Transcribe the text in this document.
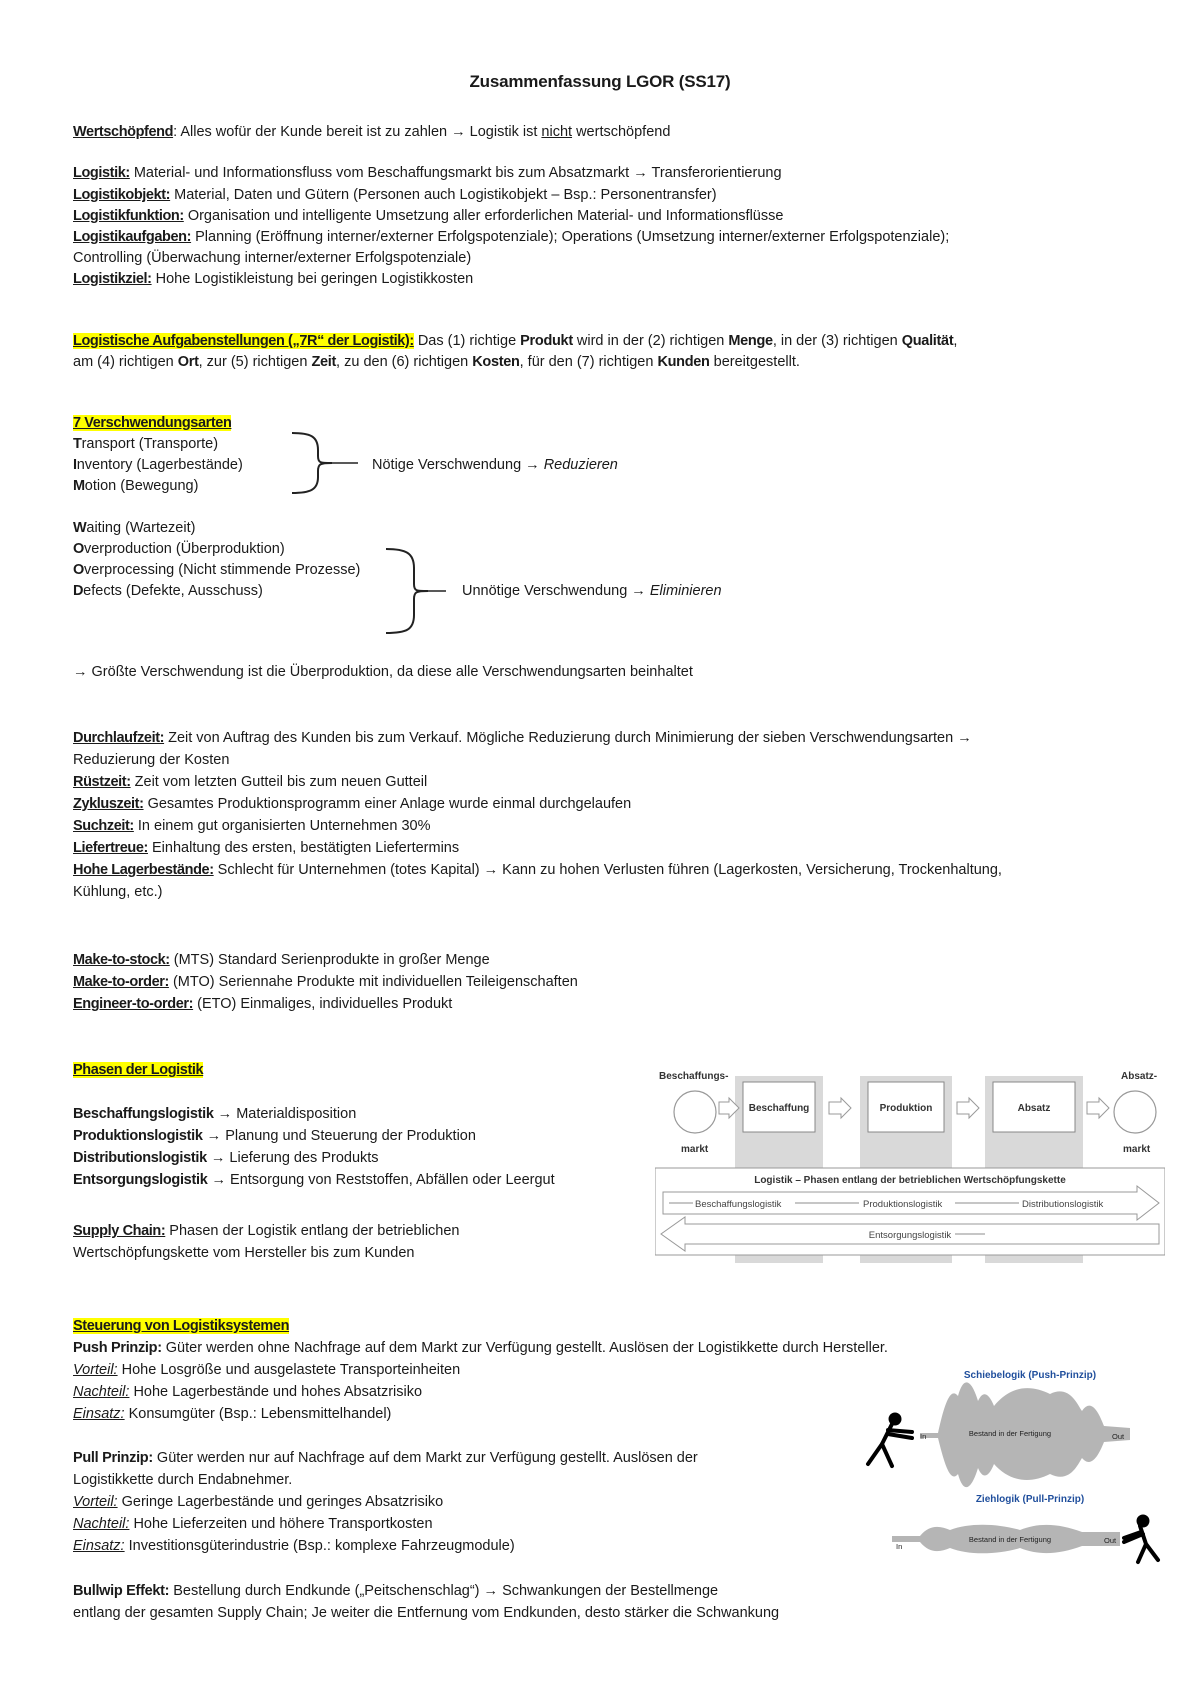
Zusammenfassung LGOR (SS17)
Wertschöpfend: Alles wofür der Kunde bereit ist zu zahlen → Logistik ist nicht wertschöpfend
Logistik: Material- und Informationsfluss vom Beschaffungsmarkt bis zum Absatzmarkt → Transferorientierung
Logistikobjekt: Material, Daten und Gütern (Personen auch Logistikobjekt – Bsp.: Personentransfer)
Logistikfunktion: Organisation und intelligente Umsetzung aller erforderlichen Material- und Informationsflüsse
Logistikaufgaben: Planning (Eröffnung interner/externer Erfolgspotenziale); Operations (Umsetzung interner/externer Erfolgspotenziale);
Controlling (Überwachung interner/externer Erfolgspotenziale)
Logistikziel: Hohe Logistikleistung bei geringen Logistikkosten
Logistische Aufgabenstellungen („7R“ der Logistik): Das (1) richtige Produkt wird in der (2) richtigen Menge, in der (3) richtigen Qualität,
am (4) richtigen Ort, zur (5) richtigen Zeit, zu den (6) richtigen Kosten, für den (7) richtigen Kunden bereitgestellt.
7 Verschwendungsarten
Transport (Transporte)
Inventory (Lagerbestände)
Motion (Bewegung)
Nötige Verschwendung → Reduzieren
Waiting (Wartezeit)
Overproduction (Überproduktion)
Overprocessing (Nicht stimmende Prozesse)
Defects (Defekte, Ausschuss)	Unnötige Verschwendung → Eliminieren
→ Größte Verschwendung ist die Überproduktion, da diese alle Verschwendungsarten beinhaltet
Durchlaufzeit: Zeit von Auftrag des Kunden bis zum Verkauf. Mögliche Reduzierung durch Minimierung der sieben Verschwendungsarten →
Reduzierung der Kosten
Rüstzeit: Zeit vom letzten Gutteil bis zum neuen Gutteil
Zykluszeit: Gesamtes Produktionsprogramm einer Anlage wurde einmal durchgelaufen
Suchzeit: In einem gut organisierten Unternehmen 30%
Liefertreue: Einhaltung des ersten, bestätigten Liefertermins
Hohe Lagerbestände: Schlecht für Unternehmen (totes Kapital) → Kann zu hohen Verlusten führen (Lagerkosten, Versicherung, Trockenhaltung,
Kühlung, etc.)
Make-to-stock: (MTS) Standard Serienprodukte in großer Menge
Make-to-order: (MTO) Seriennahe Produkte mit individuellen Teileigenschaften
Engineer-to-order: (ETO) Einmaliges, individuelles Produkt
Phasen der Logistik
Beschaffungslogistik → Materialdisposition
Produktionslogistik → Planung und Steuerung der Produktion
Distributionslogistik → Lieferung des Produkts
Entsorgungslogistik → Entsorgung von Reststoffen, Abfällen oder Leergut
Supply Chain: Phasen der Logistik entlang der betrieblichen
Wertschöpfungskette vom Hersteller bis zum Kunden
Beschaffungs-
markt
Absatz-
markt
Beschaffung	Produktion	Absatz
Logistik – Phasen entlang der betrieblichen Wertschöpfungskette
Beschaffungslogistik	Produktionslogistik	Distributionslogistik
Entsorgungslogistik
Steuerung von Logistiksystemen
Push Prinzip: Güter werden ohne Nachfrage auf dem Markt zur Verfügung gestellt. Auslösen der Logistikkette durch Hersteller.
Vorteil: Hohe Losgröße und ausgelastete Transporteinheiten
Nachteil: Hohe Lagerbestände und hohes Absatzrisiko
Einsatz: Konsumgüter (Bsp.: Lebensmittelhandel)
Pull Prinzip: Güter werden nur auf Nachfrage auf dem Markt zur Verfügung gestellt. Auslösen der
Logistikkette durch Endabnehmer.
Vorteil: Geringe Lagerbestände und geringes Absatzrisiko
Nachteil: Hohe Lieferzeiten und höhere Transportkosten
Einsatz: Investitionsgüterindustrie (Bsp.: komplexe Fahrzeugmodule)
Bullwip Effekt: Bestellung durch Endkunde („Peitschenschlag“) → Schwankungen der Bestellmenge
entlang der gesamten Supply Chain; Je weiter die Entfernung vom Endkunden, desto stärker die Schwankung
Schiebelogik (Push-Prinzip)
Bestand in der Fertigung
In	Out
Ziehlogik (Pull-Prinzip)
Bestand in der Fertigung
In
Out
